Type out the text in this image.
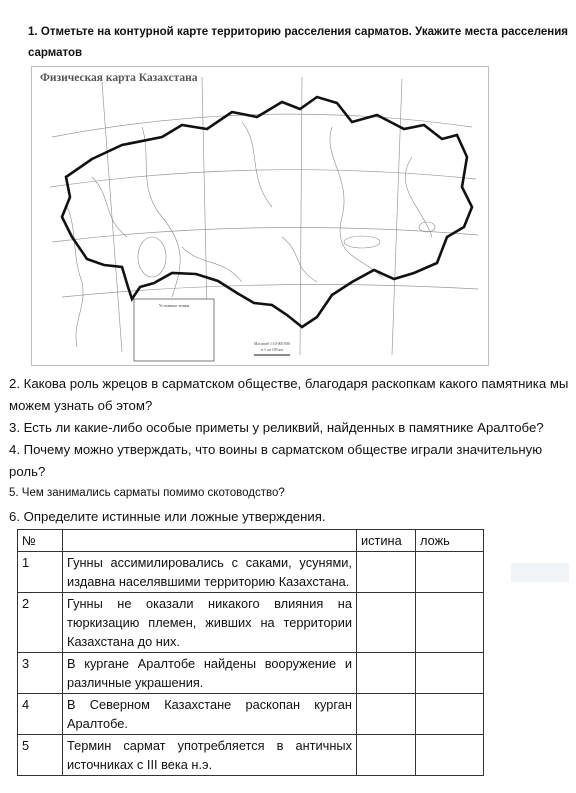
1. Отметьте на контурной карте территорию расселения сарматов. Укажите места расселения сарматов
Условные знаки
Масштаб 1:10 000 000
в 1 см 100 км
Физическая карта Казахстана
2. Какова роль жрецов в сарматском обществе, благодаря раскопкам какого памятника мы можем узнать об этом?
3. Есть ли какие-либо особые приметы у реликвий, найденных в памятнике Аралтобе?
4. Почему можно утверждать, что воины в сарматском обществе играли значительную роль?
5. Чем занимались сарматы помимо скотоводство?
6. Определите истинные или ложные утверждения.
№		истина	ложь
1	Гунны ассимилировались с саками, усунями, издавна населявшими территорию Казахстана.		
2	Гунны не оказали никакого влияния на тюркизацию племен, живших на территории Казахстана до них.		
3	В кургане Аралтобе найдены вооружение и различные украшения.		
4	В Северном Казахстане раскопан курган Аралтобе.		
5	Термин сармат употребляется в античных источниках с III века н.э.		
